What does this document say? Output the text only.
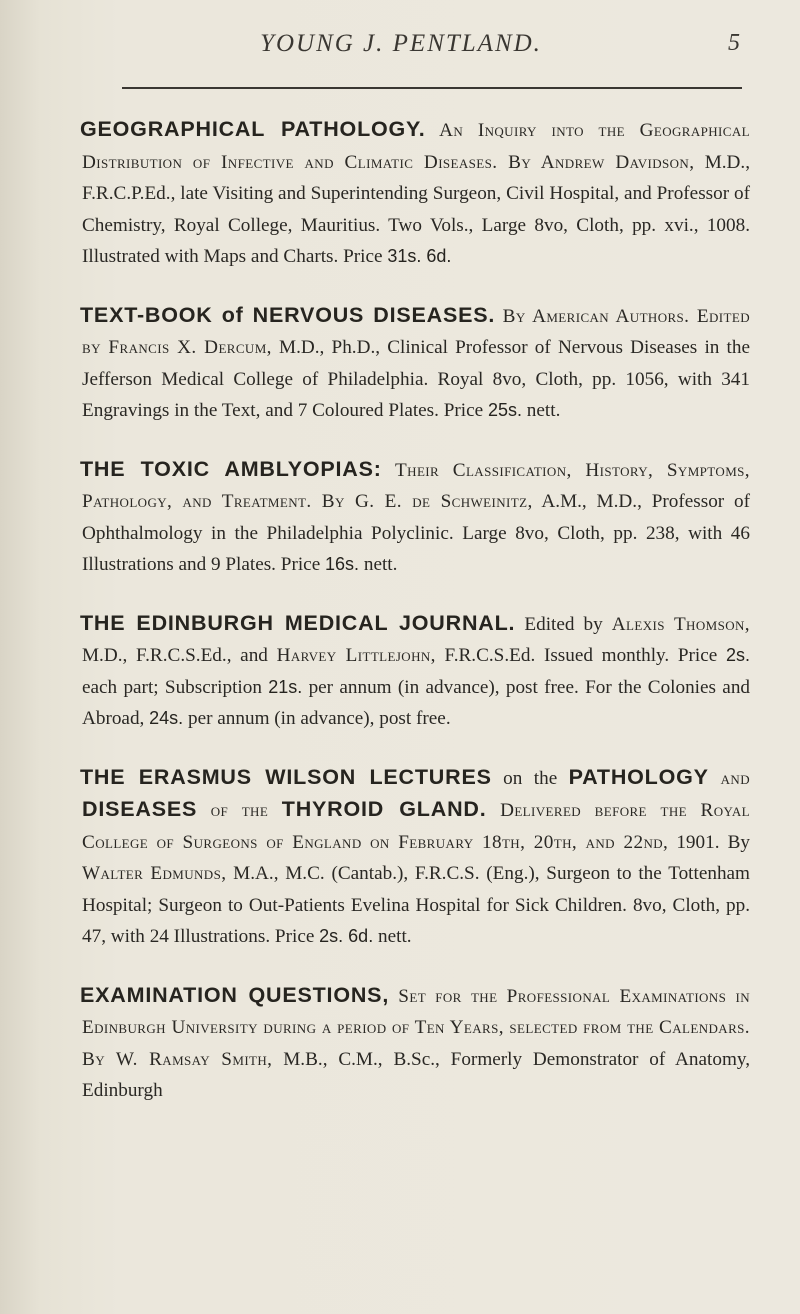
YOUNG J. PENTLAND.	5

GEOGRAPHICAL PATHOLOGY. An Inquiry into the Geographical Distribution of Infective and Climatic Diseases. By Andrew Davidson, M.D., F.R.C.P.Ed., late Visiting and Superintending Surgeon, Civil Hospital, and Professor of Chemistry, Royal College, Mauritius. Two Vols., Large 8vo, Cloth, pp. xvi., 1008. Illustrated with Maps and Charts. Price 31s. 6d.

TEXT-BOOK of NERVOUS DISEASES. By American Authors. Edited by Francis X. Dercum, M.D., Ph.D., Clinical Professor of Nervous Diseases in the Jefferson Medical College of Philadelphia. Royal 8vo, Cloth, pp. 1056, with 341 Engravings in the Text, and 7 Coloured Plates. Price 25s. nett.

THE TOXIC AMBLYOPIAS: Their Classification, History, Symptoms, Pathology, and Treatment. By G. E. de Schweinitz, A.M., M.D., Professor of Ophthalmology in the Philadelphia Polyclinic. Large 8vo, Cloth, pp. 238, with 46 Illustrations and 9 Plates. Price 16s. nett.

THE EDINBURGH MEDICAL JOURNAL. Edited by Alexis Thomson, M.D., F.R.C.S.Ed., and Harvey Littlejohn, F.R.C.S.Ed. Issued monthly. Price 2s. each part; Subscription 21s. per annum (in advance), post free. For the Colonies and Abroad, 24s. per annum (in advance), post free.

THE ERASMUS WILSON LECTURES on the PATHOLOGY and DISEASES of the THYROID GLAND. Delivered before the Royal College of Surgeons of England on February 18th, 20th, and 22nd, 1901. By Walter Edmunds, M.A., M.C. (Cantab.), F.R.C.S. (Eng.), Surgeon to the Tottenham Hospital; Surgeon to Out-Patients Evelina Hospital for Sick Children. 8vo, Cloth, pp. 47, with 24 Illustrations. Price 2s. 6d. nett.

EXAMINATION QUESTIONS, Set for the Professional Examinations in Edinburgh University during a period of Ten Years, selected from the Calendars. By W. Ramsay Smith, M.B., C.M., B.Sc., Formerly Demonstrator of Anatomy, Edinburgh
